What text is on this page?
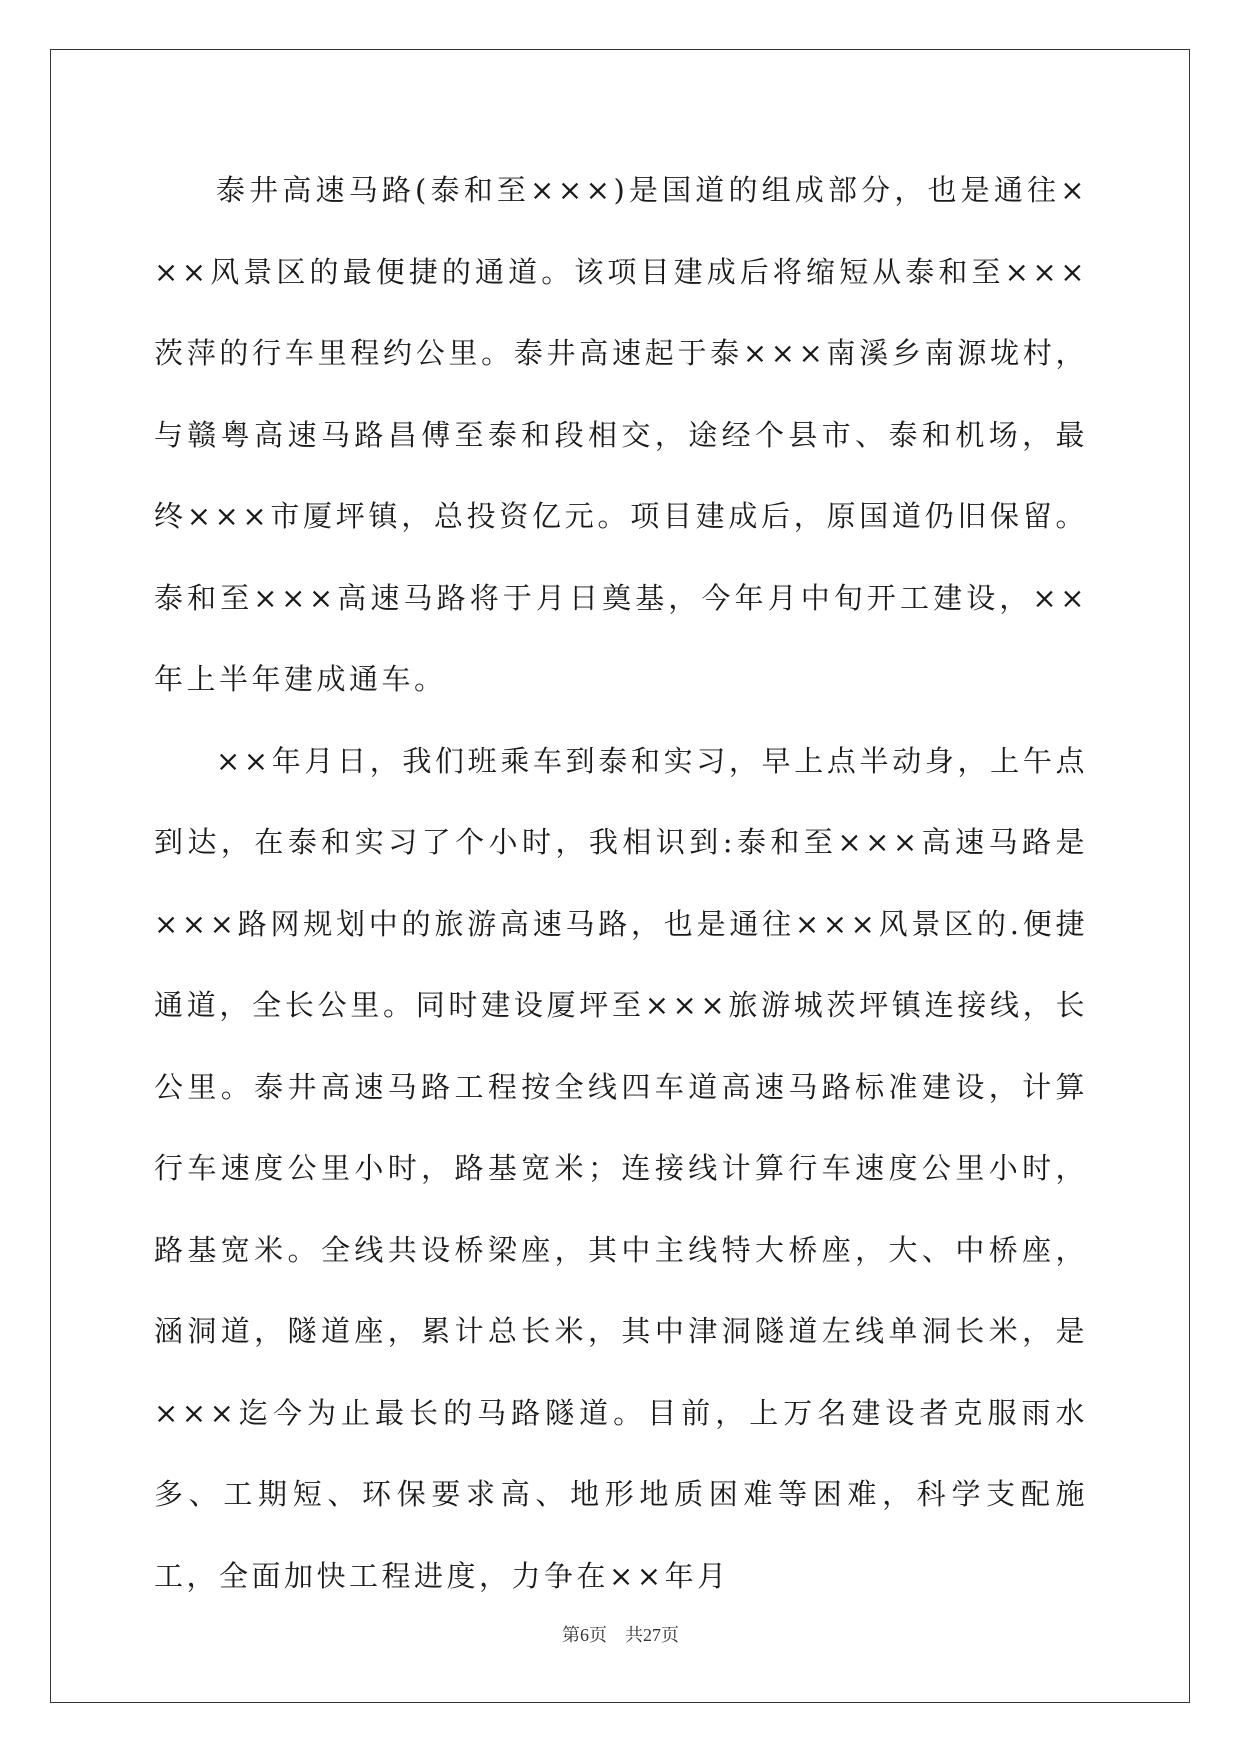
泰井高速马路(泰和至×××)是国道的组成部分，也是通往×××风景区的最便捷的通道。该项目建成后将缩短从泰和至×××茨萍的行车里程约公里。泰井高速起于泰×××南溪乡南源垅村，与赣粤高速马路昌傅至泰和段相交，途经个县市、泰和机场，最终×××市厦坪镇，总投资亿元。项目建成后，原国道仍旧保留。泰和至×××高速马路将于月日奠基，今年月中旬开工建设，××年上半年建成通车。

××年月日，我们班乘车到泰和实习，早上点半动身，上午点到达，在泰和实习了个小时，我相识到:泰和至×××高速马路是×××路网规划中的旅游高速马路，也是通往×××风景区的.便捷通道，全长公里。同时建设厦坪至×××旅游城茨坪镇连接线，长公里。泰井高速马路工程按全线四车道高速马路标准建设，计算行车速度公里小时，路基宽米；连接线计算行车速度公里小时，路基宽米。全线共设桥梁座，其中主线特大桥座，大、中桥座，涵洞道，隧道座，累计总长米，其中津洞隧道左线单洞长米，是×××迄今为止最长的马路隧道。目前，上万名建设者克服雨水多、工期短、环保要求高、地形地质困难等困难，科学支配施工，全面加快工程进度，力争在××年月

第6页 共27页
